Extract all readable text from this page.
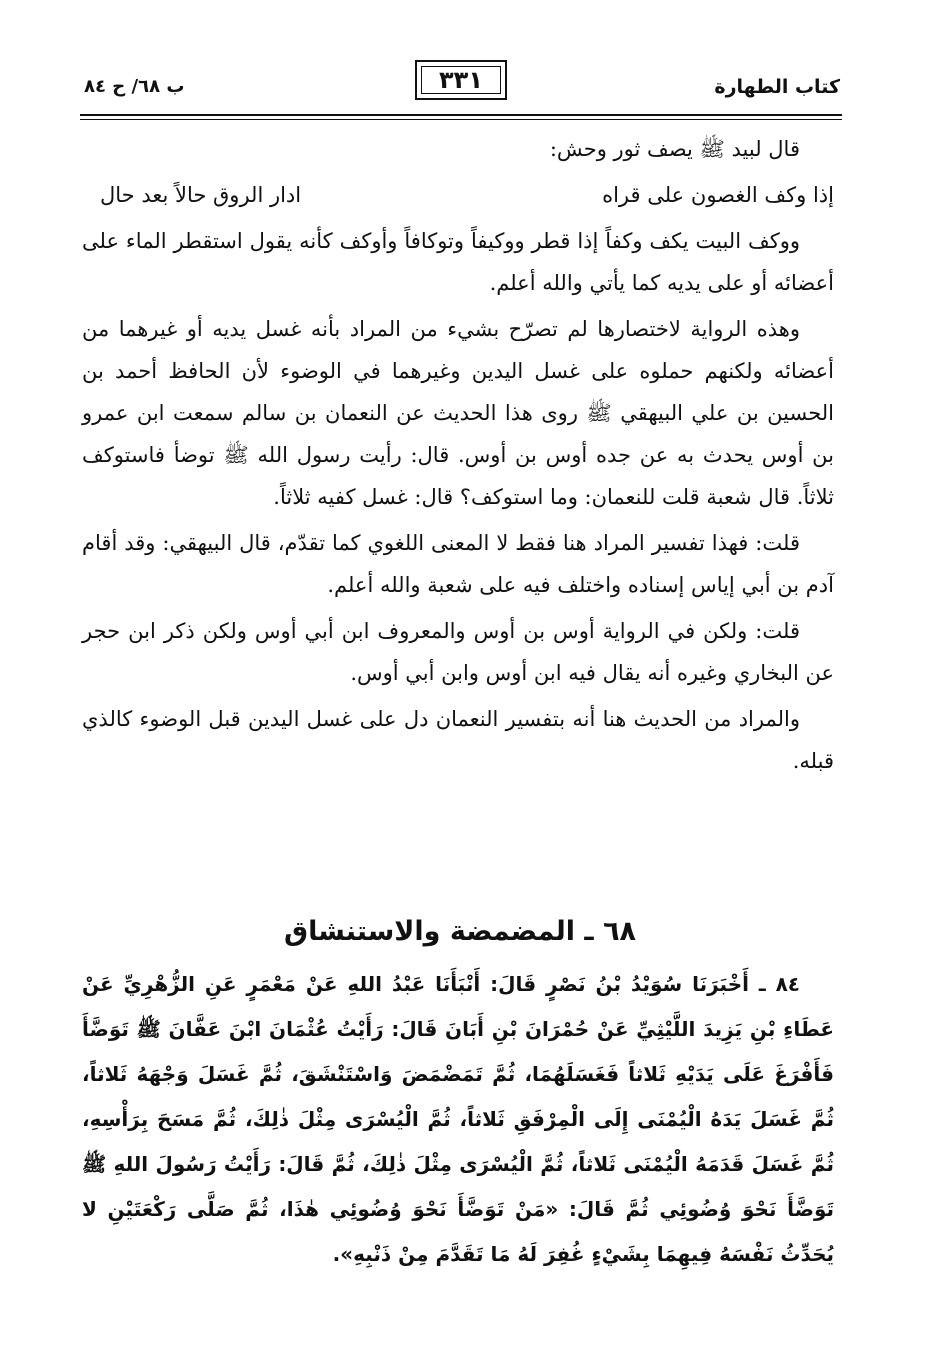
كتاب الطهارة
٣٣١
ب ٦٨/ ح ٨٤

قال لبيد ﷺ يصف ثور وحش:

إذا وكف الغصون على قراه
ادار الروق حالاً بعد حال

ووكف البيت يكف وكفاً إذا قطر ووكيفاً وتوكافاً وأوكف كأنه يقول استقطر الماء على أعضائه أو على يديه كما يأتي والله أعلم.

وهذه الرواية لاختصارها لم تصرّح بشيء من المراد بأنه غسل يديه أو غيرهما من أعضائه ولكنهم حملوه على غسل اليدين وغيرهما في الوضوء لأن الحافظ أحمد بن الحسين بن علي البيهقي ﷺ روى هذا الحديث عن النعمان بن سالم سمعت ابن عمرو بن أوس يحدث به عن جده أوس بن أوس. قال: رأيت رسول الله ﷺ توضأ فاستوكف ثلاثاً. قال شعبة قلت للنعمان: وما استوكف؟ قال: غسل كفيه ثلاثاً.

قلت: فهذا تفسير المراد هنا فقط لا المعنى اللغوي كما تقدّم، قال البيهقي: وقد أقام آدم بن أبي إياس إسناده واختلف فيه على شعبة والله أعلم.

قلت: ولكن في الرواية أوس بن أوس والمعروف ابن أبي أوس ولكن ذكر ابن حجر عن البخاري وغيره أنه يقال فيه ابن أوس وابن أبي أوس.

والمراد من الحديث هنا أنه بتفسير النعمان دل على غسل اليدين قبل الوضوء كالذي قبله.

٦٨ ـ المضمضة والاستنشاق

٨٤ ـ أَخْبَرَنَا سُوَيْدُ بْنُ نَصْرٍ قَالَ: أَنْبَأَنَا عَبْدُ اللهِ عَنْ مَعْمَرٍ عَنِ الزُّهْرِيِّ عَنْ عَطَاءِ بْنِ يَزِيدَ اللَّيْثِيِّ عَنْ حُمْرَانَ بْنِ أَبَانَ قَالَ: رَأَيْتُ عُثْمَانَ ابْنَ عَفَّانَ ﷺ تَوَضَّأَ فَأَفْرَغَ عَلَى يَدَيْهِ ثَلاثاً فَغَسَلَهُمَا، ثُمَّ تَمَضْمَضَ وَاسْتَنْشَقَ، ثُمَّ غَسَلَ وَجْهَهُ ثَلاثاً، ثُمَّ غَسَلَ يَدَهُ الْيُمْنَى إِلَى الْمِرْفَقِ ثَلاثاً، ثُمَّ الْيُسْرَى مِثْلَ ذٰلِكَ، ثُمَّ مَسَحَ بِرَأْسِهِ، ثُمَّ غَسَلَ قَدَمَهُ الْيُمْنَى ثَلاثاً، ثُمَّ الْيُسْرَى مِثْلَ ذٰلِكَ، ثُمَّ قَالَ: رَأَيْتُ رَسُولَ اللهِ ﷺ تَوَضَّأَ نَحْوَ وُضُوئِي ثُمَّ قَالَ: «مَنْ تَوَضَّأَ نَحْوَ وُضُوئِي هٰذَا، ثُمَّ صَلَّى رَكْعَتَيْنِ لا يُحَدِّثُ نَفْسَهُ فِيهِمَا بِشَيْءٍ غُفِرَ لَهُ مَا تَقَدَّمَ مِنْ ذَنْبِهِ».
